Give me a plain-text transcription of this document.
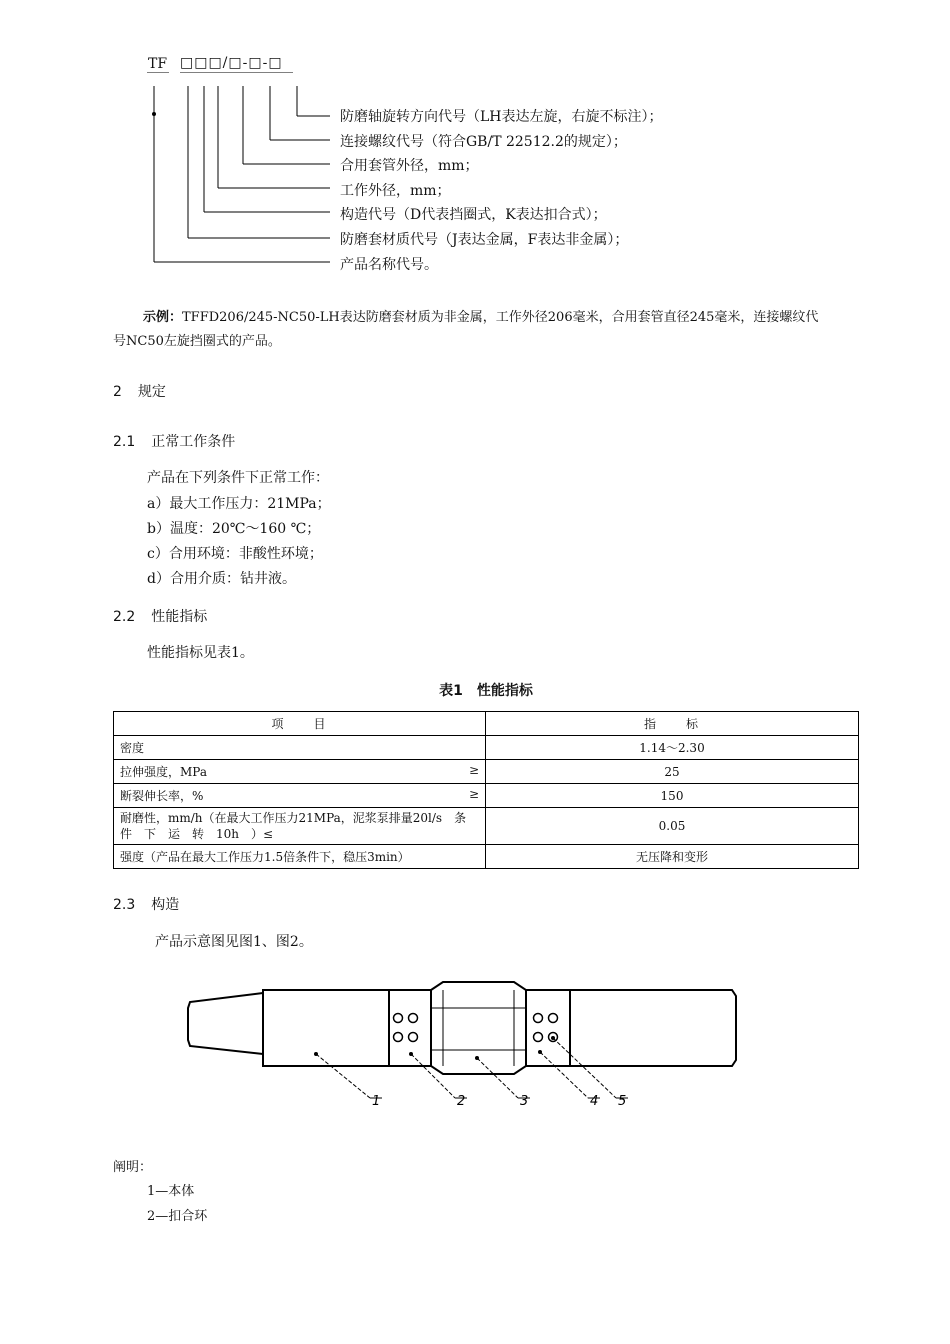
TF □□□/□-□-□
防磨轴旋转方向代号（LH表达左旋，右旋不标注）；
连接螺纹代号（符合GB/T 22512.2的规定）；
合用套管外径，mm；
工作外径，mm；
构造代号（D代表挡圈式，K表达扣合式）；
防磨套材质代号（J表达金属，F表达非金属）；
产品名称代号。
示例：TFFD206/245-NC50-LH表达防磨套材质为非金属，工作外径206毫米，合用套管直径245毫米，连接螺纹代
号NC50左旋挡圈式的产品。
2 规定
2.1 正常工作条件
产品在下列条件下正常工作：
a）最大工作压力：21MPa；
b）温度：20℃～160 ℃；
c）合用环境：非酸性环境；
d）合用介质：钻井液。
2.2 性能指标
性能指标见表1。
表1　性能指标
项　　目	指　　标
密度	1.14～2.30
拉伸强度，MPa ≥	25
断裂伸长率，% ≥	150
耐磨性，mm/h（在最大工作压力21MPa，泥浆泵排量20l/s　条　件　下　运　转　10h　）≤	0.05
强度（产品在最大工作压力1.5倍条件下，稳压3min）	无压降和变形
2.3 构造
产品示意图见图1、图2。
1	2	3	4 5
阐明：
1—本体
2—扣合环
